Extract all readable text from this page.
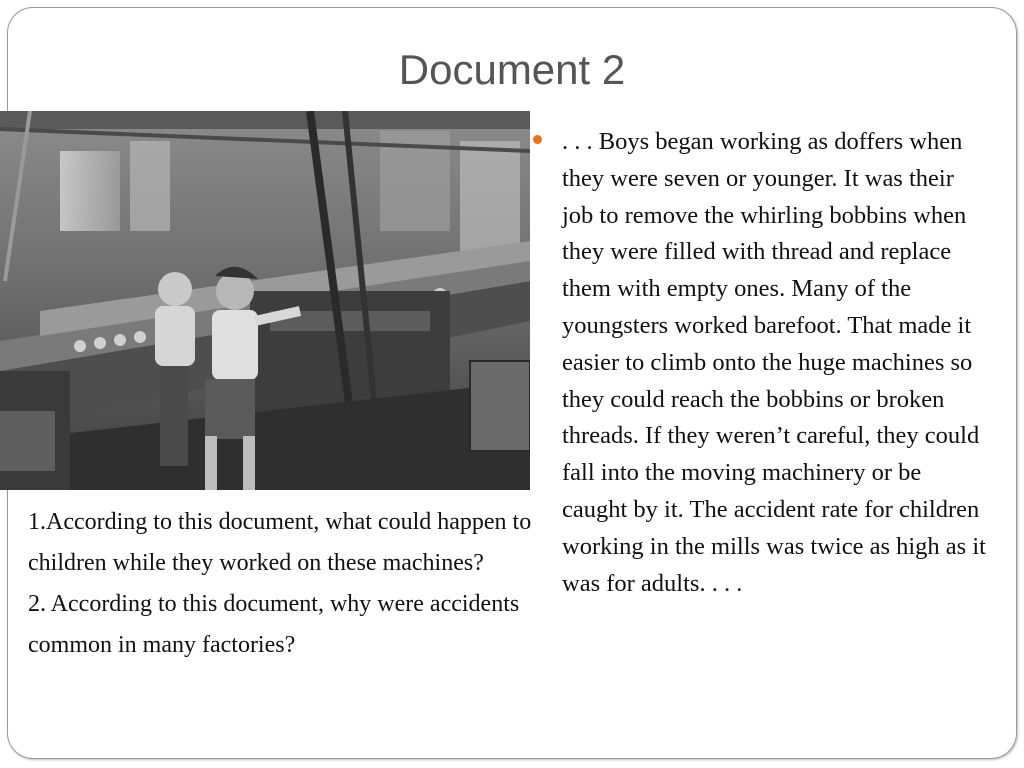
Document 2

. . . Boys began working as doffers when they were seven or younger. It was their job to remove the whirling bobbins when they were filled with thread and replace them with empty ones. Many of the youngsters worked barefoot. That made it easier to climb onto the huge machines so they could reach the bobbins or broken threads. If they weren’t careful, they could fall into the moving machinery or be caught by it. The accident rate for children working in the mills was twice as high as it was for adults. . . .

1.According to this document, what could happen to children while they worked on these machines?
2. According to this document, why were accidents common in many factories?
